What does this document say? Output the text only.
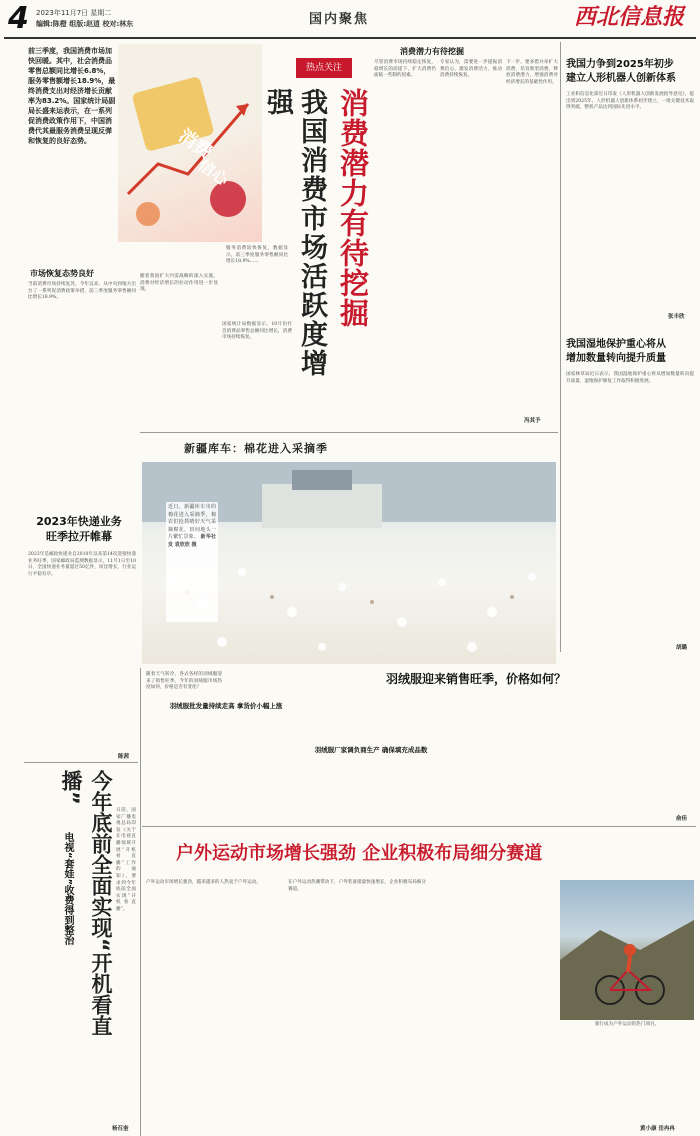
4 2023年11月7日 星期二
编辑:陈橙 组版:赵逍 校对:林东	国内聚焦	西北信息报
前三季度，我国消费市场加快回暖。其中，社会消费品零售总额同比增长6.8%，服务零售额增长18.9%，最终消费支出对经济增长贡献率为83.2%。国家统计局副局长盛来运表示，在一系列促消费政策作用下，中国消费代其最服务消费呈现反弹和恢复的良好态势。	消费
信心
热点关注
消费潜力有待挖掘
我国消费市场活跃度增强
服务消费较快恢复，数据显示，前三季度服务零售额同比增长18.9%……
市场恢复态势良好
当前消费市场持续复苏，今年以来，从中央到地方出台了一系列促消费政策举措，前三季度服务零售额同比增长18.9%。
随着我国扩大内需战略的深入实施，消费对经济增长的拉动作用进一步显现。
国家统计局数据显示，10月份社会消费品零售总额同比增长，消费市场持续恢复。
消费潜力有待挖掘
尽管消费市场持续稳定恢复，稳增长的前提下，扩大消费仍面临一些制约因素。
专家认为，需要进一步提振消费信心，激发消费活力，推动消费持续恢复。
下一步，要多措并举扩大消费，培育新型消费，释放消费潜力，增强消费对经济增长的基础性作用。
冯其予
我国力争到2025年初步
建立人形机器人创新体系
工业和信息化部近日印发《人形机器人创新发展指导意见》，提出到2025年，人形机器人创新体系初步建立，一批关键技术取得突破，整机产品达到国际先进水平。
张丰欣
我国湿地保护重心将从
增加数量转向提升质量
国家林草局近日表示，我国湿地保护重心将从增加数量转向提升质量，湿地保护修复工作取得积极进展。
胡璐
2023年快递业务
旺季拉开帷幕
2023年是邮政快递业自2010年以来第14次迎接快递业务旺季。国家邮政局监测数据显示，11月1日至10日，全国快递业务量超过50亿件，同比增长，行业运行平稳有序。
陈茜
新疆库车：棉花进入采摘季
近日，新疆库车市的棉花进入采摘季，棉农们抢抓晴好天气采摘棉花，田间地头一片繁忙景象。 新华社发 袁欣欣 摄
今年底前全面实现“开机看直播”
电视“套娃”收费得到整治
日前，国家广播电视总局印发《关于在电视直播领域开展“开机看直播”工作的通知》，要求到今年底前全面实现“开机看直播”。
杨召奎
羽绒服迎来销售旺季，价格如何？
随着天气转冷，各式各样的羽绒服迎来了销售旺季。今年的羽绒服市场热度如何，价格是否有变化？
羽绒服批发量持续走高 拿货价小幅上涨
羽绒服厂家调负商生产 确保填充成品数
俞佳
户外运动市场增长强劲 企业积极布局细分赛道
户外运动市场增长强劲，越来越多的人热衷于户外运动。	在户外运动热潮带动下，户外装备销量快速增长，企业积极布局细分赛道。
骑行成为户外运动的热门项目。
黄小康 岳冉冉
